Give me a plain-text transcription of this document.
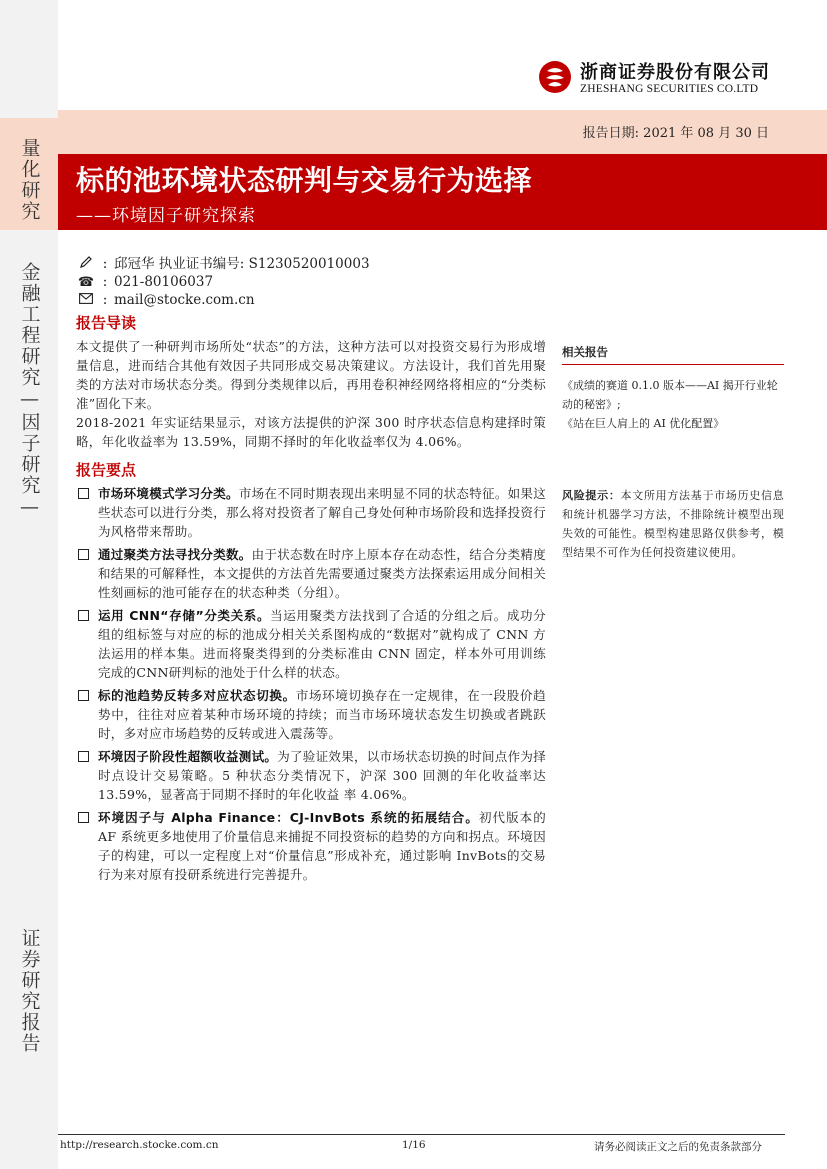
量化研究
金融工程研究—因子研究—
证券研究报告
浙商证券股份有限公司
ZHESHANG SECURITIES CO.LTD
报告日期: 2021 年 08 月 30 日
标的池环境状态研判与交易行为选择
——环境因子研究探索
: 邱冠华 执业证书编号: S1230520010003
☎ : 021-80106037
: mail@stocke.com.cn
报告导读

本文提供了一种研判市场所处“状态”的方法，这种方法可以对投资交易行为形成增量信息，进而结合其他有效因子共同形成交易决策建议。方法设计，我们首先用聚类的方法对市场状态分类。得到分类规律以后，再用卷积神经网络将相应的“分类标准”固化下来。

2018-2021 年实证结果显示，对该方法提供的沪深 300 时序状态信息构建择时策略，年化收益率为 13.59%，同期不择时的年化收益率仅为 4.06%。

报告要点
市场环境模式学习分类。市场在不同时期表现出来明显不同的状态特征。如果这些状态可以进行分类，那么将对投资者了解自己身处何种市场阶段和选择投资行为风格带来帮助。
通过聚类方法寻找分类数。由于状态数在时序上原本存在动态性，结合分类精度和结果的可解释性，本文提供的方法首先需要通过聚类方法探索运用成分间相关性刻画标的池可能存在的状态种类（分组）。
运用 CNN“存储”分类关系。当运用聚类方法找到了合适的分组之后。成功分组的组标签与对应的标的池成分相关关系图构成的“数据对”就构成了 CNN 方法运用的样本集。进而将聚类得到的分类标准由 CNN 固定，样本外可用训练完成的CNN研判标的池处于什么样的状态。
标的池趋势反转多对应状态切换。市场环境切换存在一定规律，在一段股价趋势中，往往对应着某种市场环境的持续；而当市场环境状态发生切换或者跳跃时，多对应市场趋势的反转或进入震荡等。
环境因子阶段性超额收益测试。为了验证效果，以市场状态切换的时间点作为择时点设计交易策略。5 种状态分类情况下，沪深 300 回测的年化收益率达 13.59%，显著高于同期不择时的年化收益 率 4.06%。
环境因子与 Alpha Finance：CJ-InvBots 系统的拓展结合。初代版本的 AF 系统更多地使用了价量信息来捕捉不同投资标的趋势的方向和拐点。环境因子的构建，可以一定程度上对“价量信息”形成补充，通过影响 InvBots的交易行为来对原有投研系统进行完善提升。
相关报告
《成绩的赛道 0.1.0 版本——AI 揭开行业轮动的秘密》;
《站在巨人肩上的 AI 优化配置》
风险提示：本文所用方法基于市场历史信息和统计机器学习方法，不排除统计模型出现失效的可能性。模型构建思路仅供参考，模型结果不可作为任何投资建议使用。
http://research.stocke.com.cn	1/16	请务必阅读正文之后的免责条款部分
